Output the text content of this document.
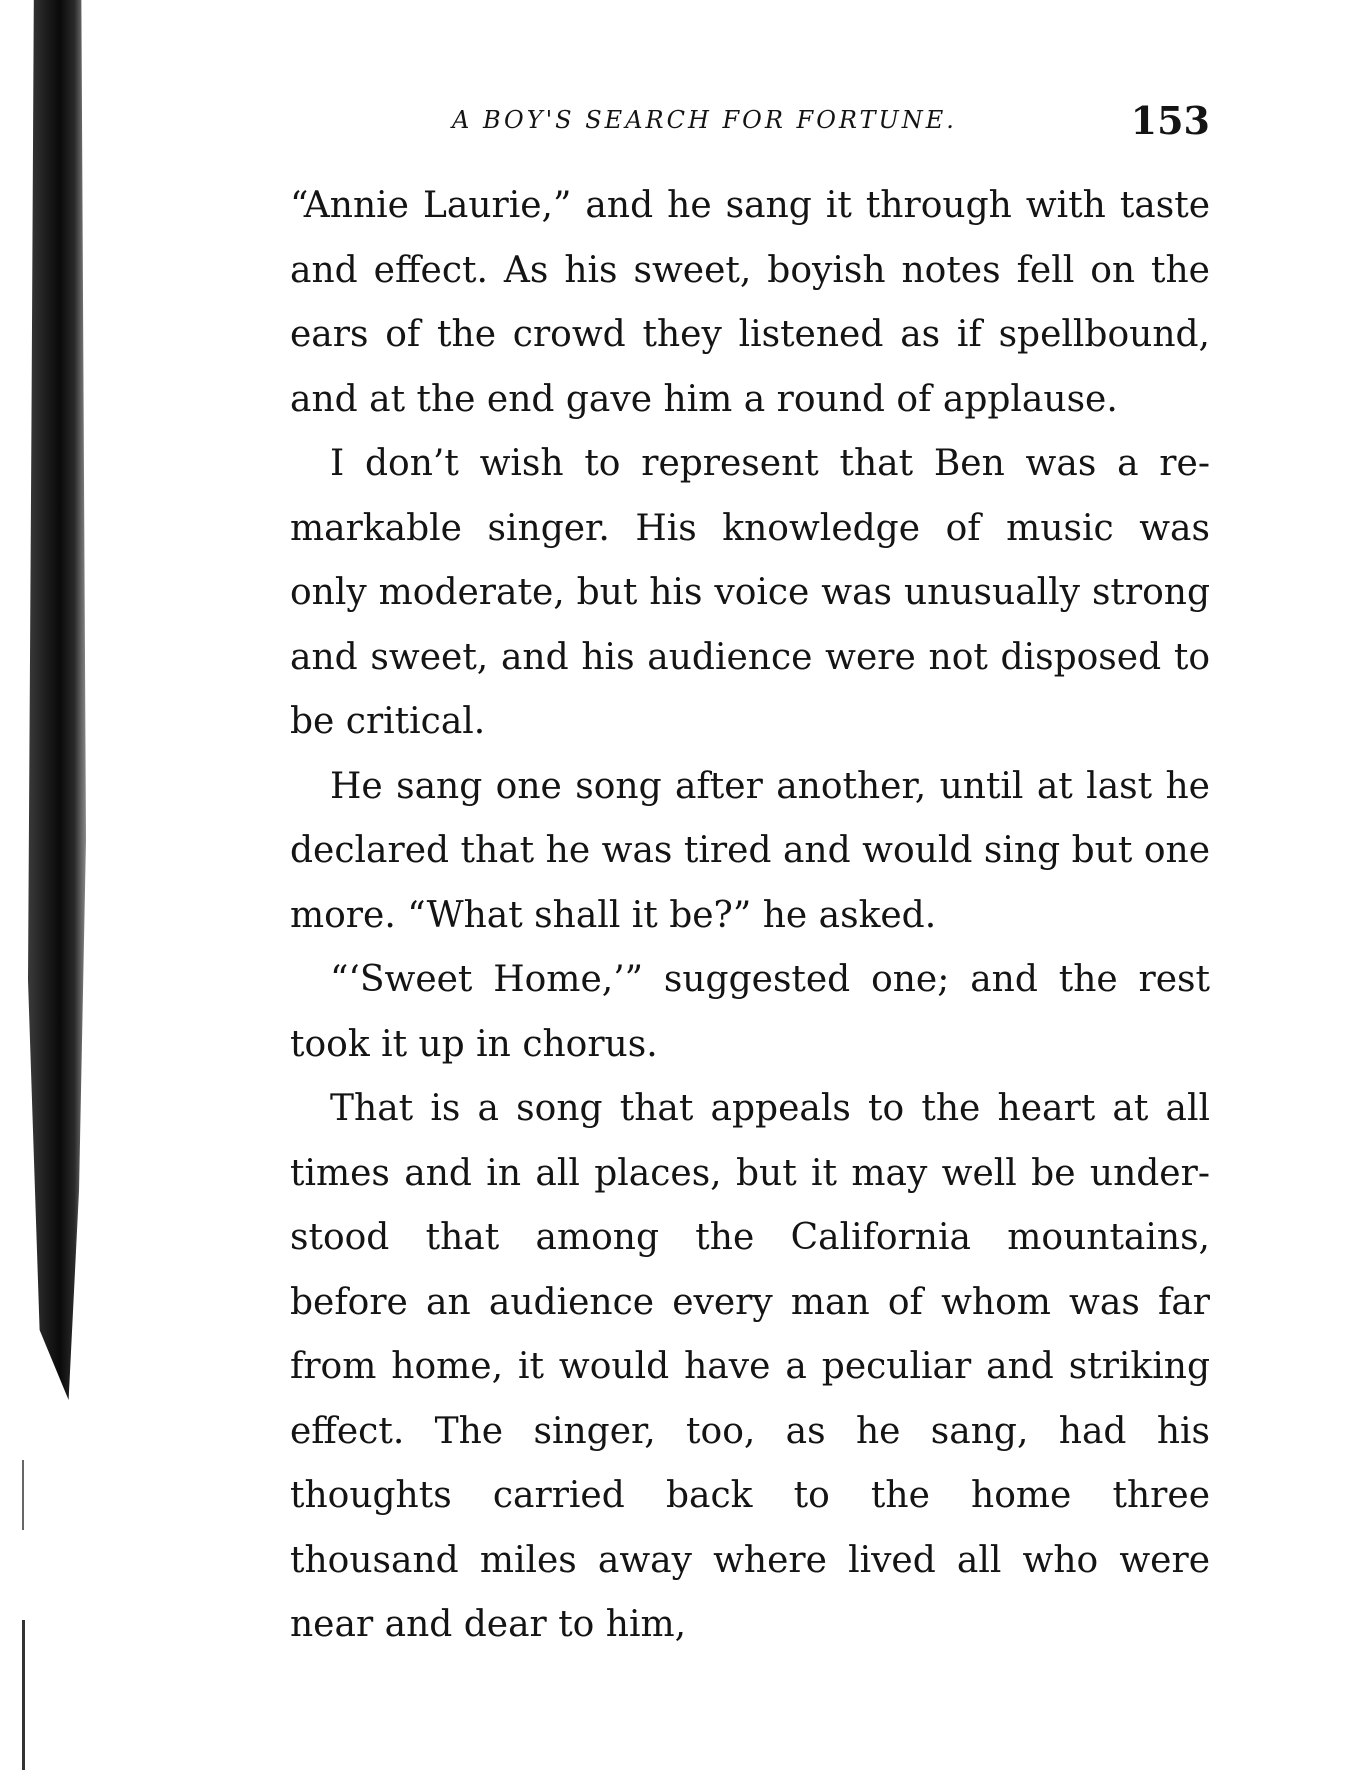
A BOY'S SEARCH FOR FORTUNE.	153

“Annie Laurie,” and he sang it through with taste and effect. As his sweet, boyish notes fell on the ears of the crowd they listened as if spellbound, and at the end gave him a round of applause.

I don’t wish to represent that Ben was a remarkable singer. His knowledge of music was only moderate, but his voice was unusually strong and sweet, and his audience were not disposed to be critical.

He sang one song after another, until at last he declared that he was tired and would sing but one more. “What shall it be?” he asked.

“‘Sweet Home,’” suggested one; and the rest took it up in chorus.

That is a song that appeals to the heart at all times and in all places, but it may well be understood that among the California mountains, before an audience every man of whom was far from home, it would have a peculiar and striking effect. The singer, too, as he sang, had his thoughts carried back to the home three thousand miles away where lived all who were near and dear to him,
